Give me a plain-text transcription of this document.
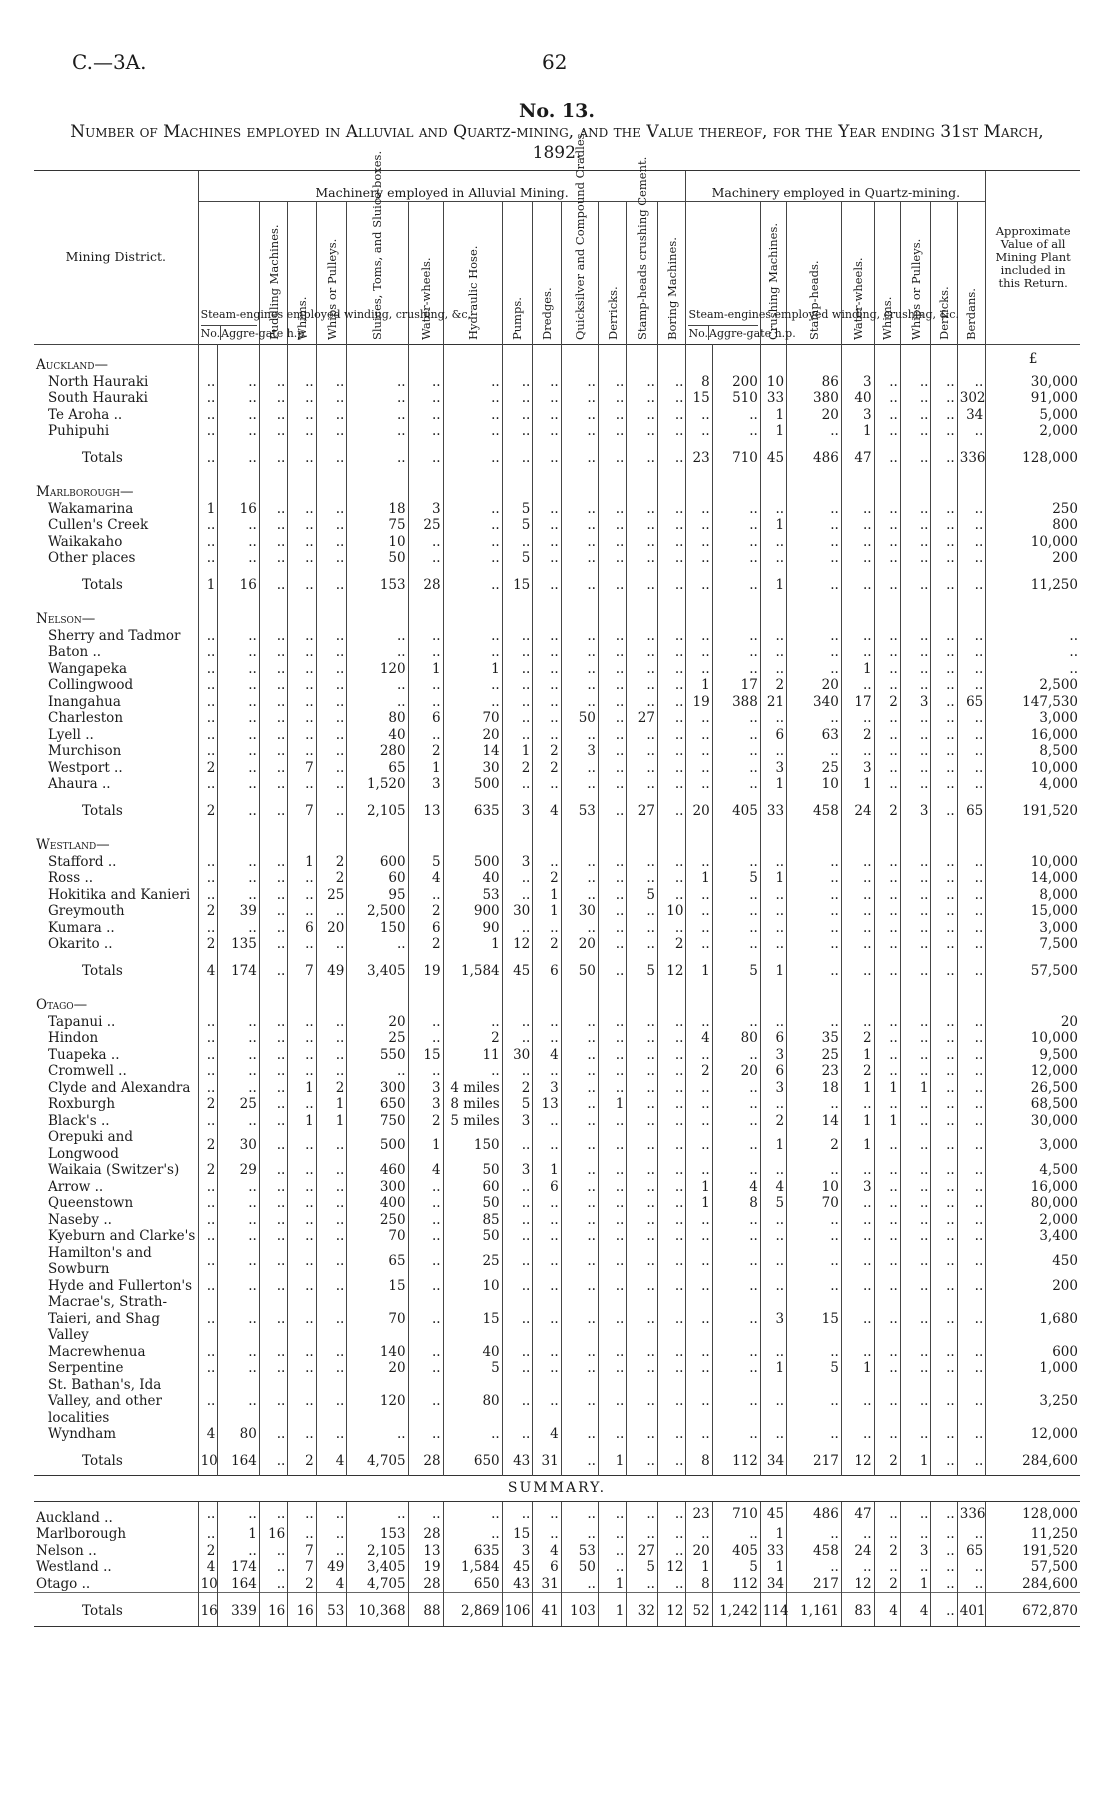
C.—3A.	62
No. 13.
Number of Machines employed in Alluvial and Quartz-mining, and the Value thereof, for the Year ending 31st March, 1892.
Mining District.	Machinery employed in Alluvial Mining.														Machinery employed in Quartz-mining.									Approximate Value of all Mining Plant included in this Return.

	Steam-engines employed winding, crushing, &c.
No. Aggre-gate h.p.		Puddling Machines.	Whims.	Whips or Pulleys.	Sluices, Toms, and Sluice-boxes.	Water-wheels.	Hydraulic Hose.	Pumps.	Dredges.	Quicksilver and Compound Cradles.	Derricks.	Stamp-heads crushing Cement.	Boring Machines.	Steam-engines employed winding, crushing, &c.
No. Aggre-gate h.p.		Crushing Machines.	Stamp-heads.	Water-wheels.	Whims.	Whips or Pulleys.	Derricks.	Berdans.	

Auckland—																								£
North Hauraki	..	..	..	..	..	..	..	..	..	..	..	..	..	..	8	200	10	86	3	..	..	..	..	30,000
South Hauraki	..	..	..	..	..	..	..	..	..	..	..	..	..	..	15	510	33	380	40	..	..	..	302	91,000
Te Aroha ..	..	..	..	..	..	..	..	..	..	..	..	..	..	..	..	..	1	20	3	..	..	..	34	5,000
Puhipuhi	..	..	..	..	..	..	..	..	..	..	..	..	..	..	..	..	1	..	1	..	..	..	..	2,000
Totals	..	..	..	..	..	..	..	..	..	..	..	..	..	..	23	710	45	486	47	..	..	..	336	128,000
Marlborough—																								
Wakamarina	1	16	..	..	..	18	3	..	5	..	..	..	..	..	..	..	..	..	..	..	..	..	..	250
Cullen's Creek	..	..	..	..	..	75	25	..	5	..	..	..	..	..	..	..	1	..	..	..	..	..	..	800
Waikakaho	..	..	..	..	..	10	..	..	..	..	..	..	..	..	..	..	..	..	..	..	..	..	..	10,000
Other places	..	..	..	..	..	50	..	..	5	..	..	..	..	..	..	..	..	..	..	..	..	..	..	200
Totals	1	16	..	..	..	153	28	..	15	..	..	..	..	..	..	..	1	..	..	..	..	..	..	11,250
Nelson—																								
Sherry and Tadmor	..	..	..	..	..	..	..	..	..	..	..	..	..	..	..	..	..	..	..	..	..	..	..	..
Baton ..	..	..	..	..	..	..	..	..	..	..	..	..	..	..	..	..	..	..	..	..	..	..	..	..
Wangapeka	..	..	..	..	..	120	1	1	..	..	..	..	..	..	..	..	..	..	1	..	..	..	..	..
Collingwood	..	..	..	..	..	..	..	..	..	..	..	..	..	..	1	17	2	20	..	..	..	..	..	2,500
Inangahua	..	..	..	..	..	..	..	..	..	..	..	..	..	..	19	388	21	340	17	2	3	..	65	147,530
Charleston	..	..	..	..	..	80	6	70	..	..	50	..	27	..	..	..	..	..	..	..	..	..	..	3,000
Lyell ..	..	..	..	..	..	40	..	20	..	..	..	..	..	..	..	..	6	63	2	..	..	..	..	16,000
Murchison	..	..	..	..	..	280	2	14	1	2	3	..	..	..	..	..	..	..	..	..	..	..	..	8,500
Westport ..	2	..	..	7	..	65	1	30	2	2	..	..	..	..	..	..	3	25	3	..	..	..	..	10,000
Ahaura ..	..	..	..	..	..	1,520	3	500	..	..	..	..	..	..	..	..	1	10	1	..	..	..	..	4,000
Totals	2	..	..	7	..	2,105	13	635	3	4	53	..	27	..	20	405	33	458	24	2	3	..	65	191,520
Westland—																								
Stafford ..	..	..	..	1	2	600	5	500	3	..	..	..	..	..	..	..	..	..	..	..	..	..	..	10,000
Ross ..	..	..	..	..	2	60	4	40	..	2	..	..	..	..	1	5	1	..	..	..	..	..	..	14,000
Hokitika and Kanieri	..	..	..	..	25	95	..	53	..	1	..	..	5	..	..	..	..	..	..	..	..	..	..	8,000
Greymouth	2	39	..	..	..	2,500	2	900	30	1	30	..	..	10	..	..	..	..	..	..	..	..	..	15,000
Kumara ..	..	..	..	6	20	150	6	90	..	..	..	..	..	..	..	..	..	..	..	..	..	..	..	3,000
Okarito ..	2	135	..	..	..	..	2	1	12	2	20	..	..	2	..	..	..	..	..	..	..	..	..	7,500
Totals	4	174	..	7	49	3,405	19	1,584	45	6	50	..	5	12	1	5	1	..	..	..	..	..	..	57,500
Otago—																								
Tapanui ..	..	..	..	..	..	20	..	..	..	..	..	..	..	..	..	..	..	..	..	..	..	..	..	20
Hindon	..	..	..	..	..	25	..	2	..	..	..	..	..	..	4	80	6	35	2	..	..	..	..	10,000
Tuapeka ..	..	..	..	..	..	550	15	11	30	4	..	..	..	..	..	..	3	25	1	..	..	..	..	9,500
Cromwell ..	..	..	..	..	..	..	..	..	..	..	..	..	..	..	2	20	6	23	2	..	..	..	..	12,000
Clyde and Alexandra	..	..	..	1	2	300	3	4 miles	2	3	..	..	..	..	..	..	3	18	1	1	1	..	..	26,500
Roxburgh	2	25	..	..	1	650	3	8 miles	5	13	..	1	..	..	..	..	..	..	..	..	..	..	..	68,500
Black's ..	..	..	..	1	1	750	2	5 miles	3	..	..	..	..	..	..	..	2	14	1	1	..	..	..	30,000
Orepuki and Longwood	2	30	..	..	..	500	1	150	..	..	..	..	..	..	..	..	1	2	1	..	..	..	..	3,000
Waikaia (Switzer's)	2	29	..	..	..	460	4	50	3	1	..	..	..	..	..	..	..	..	..	..	..	..	..	4,500
Arrow ..	..	..	..	..	..	300	..	60	..	6	..	..	..	..	1	4	4	10	3	..	..	..	..	16,000
Queenstown	..	..	..	..	..	400	..	50	..	..	..	..	..	..	1	8	5	70	..	..	..	..	..	80,000
Naseby ..	..	..	..	..	..	250	..	85	..	..	..	..	..	..	..	..	..	..	..	..	..	..	..	2,000
Kyeburn and Clarke's	..	..	..	..	..	70	..	50	..	..	..	..	..	..	..	..	..	..	..	..	..	..	..	3,400
Hamilton's and Sowburn	..	..	..	..	..	65	..	25	..	..	..	..	..	..	..	..	..	..	..	..	..	..	..	450
Hyde and Fullerton's	..	..	..	..	..	15	..	10	..	..	..	..	..	..	..	..	..	..	..	..	..	..	..	200
Macrae's, Strath-Taieri, and Shag Valley	..	..	..	..	..	70	..	15	..	..	..	..	..	..	..	..	3	15	..	..	..	..	..	1,680
Macrewhenua	..	..	..	..	..	140	..	40	..	..	..	..	..	..	..	..	..	..	..	..	..	..	..	600
Serpentine	..	..	..	..	..	20	..	5	..	..	..	..	..	..	..	..	1	5	1	..	..	..	..	1,000
St. Bathan's, Ida Valley, and other localities	..	..	..	..	..	120	..	80	..	..	..	..	..	..	..	..	..	..	..	..	..	..	..	3,250
Wyndham	4	80	..	..	..	..	..	..	..	4	..	..	..	..	..	..	..	..	..	..	..	..	..	12,000
Totals	10	164	..	2	4	4,705	28	650	43	31	..	1	..	..	8	112	34	217	12	2	1	..	..	284,600
SUMMARY.																								
Auckland ..	..	..	..	..	..	..	..	..	..	..	..	..	..	..	23	710	45	486	47	..	..	..	336	128,000
Marlborough	..	1	16	..	..	153	28	..	15	..	..	..	..	..	..	..	1	..	..	..	..	..	..	11,250
Nelson ..	2	..	..	7	..	2,105	13	635	3	4	53	..	27	..	20	405	33	458	24	2	3	..	65	191,520
Westland ..	4	174	..	7	49	3,405	19	1,584	45	6	50	..	5	12	1	5	1	..	..	..	..	..	..	57,500
Otago ..	10	164	..	2	4	4,705	28	650	43	31	..	1	..	..	8	112	34	217	12	2	1	..	..	284,600
Totals	16	339	16	16	53	10,368	88	2,869	106	41	103	1	32	12	52	1,242	114	1,161	83	4	4	..	401	672,870
